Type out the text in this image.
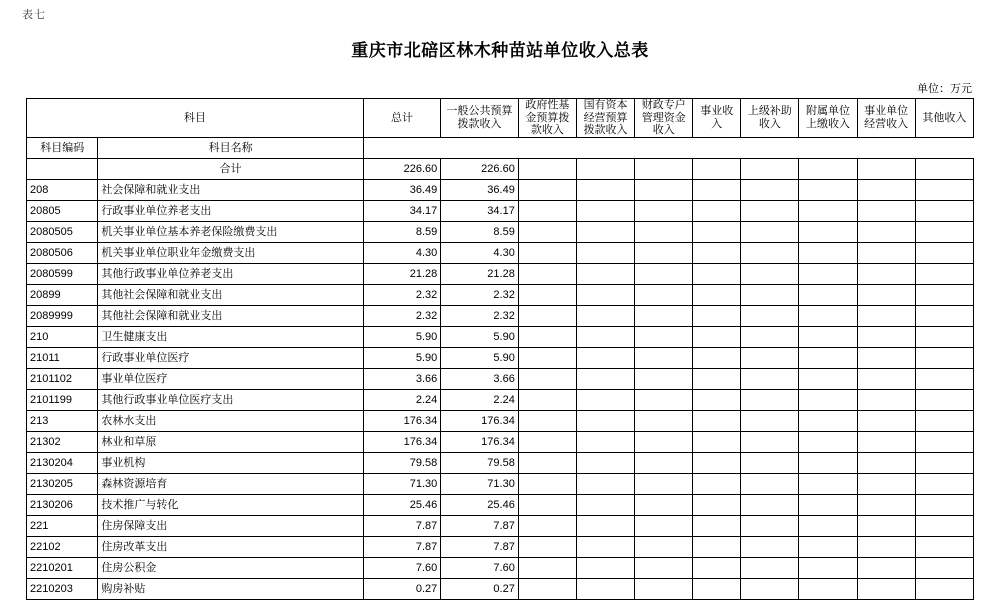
表七
重庆市北碚区林木种苗站单位收入总表
单位：万元
科目		总计	一般公共预算拨款收入	政府性基金预算拨款收入	国有资本经营预算拨款收入	财政专户管理资金收入	事业收入	上级补助收入	附属单位上缴收入	事业单位经营收入	其他收入

科目编码	科目名称										
	合计	226.60	226.60								
208	社会保障和就业支出	36.49	36.49								
20805	行政事业单位养老支出	34.17	34.17								
2080505	机关事业单位基本养老保险缴费支出	8.59	8.59								
2080506	机关事业单位职业年金缴费支出	4.30	4.30								
2080599	其他行政事业单位养老支出	21.28	21.28								
20899	其他社会保障和就业支出	2.32	2.32								
2089999	其他社会保障和就业支出	2.32	2.32								
210	卫生健康支出	5.90	5.90								
21011	行政事业单位医疗	5.90	5.90								
2101102	事业单位医疗	3.66	3.66								
2101199	其他行政事业单位医疗支出	2.24	2.24								
213	农林水支出	176.34	176.34								
21302	林业和草原	176.34	176.34								
2130204	事业机构	79.58	79.58								
2130205	森林资源培育	71.30	71.30								
2130206	技术推广与转化	25.46	25.46								
221	住房保障支出	7.87	7.87								
22102	住房改革支出	7.87	7.87								
2210201	住房公积金	7.60	7.60								
2210203	购房补贴	0.27	0.27								
